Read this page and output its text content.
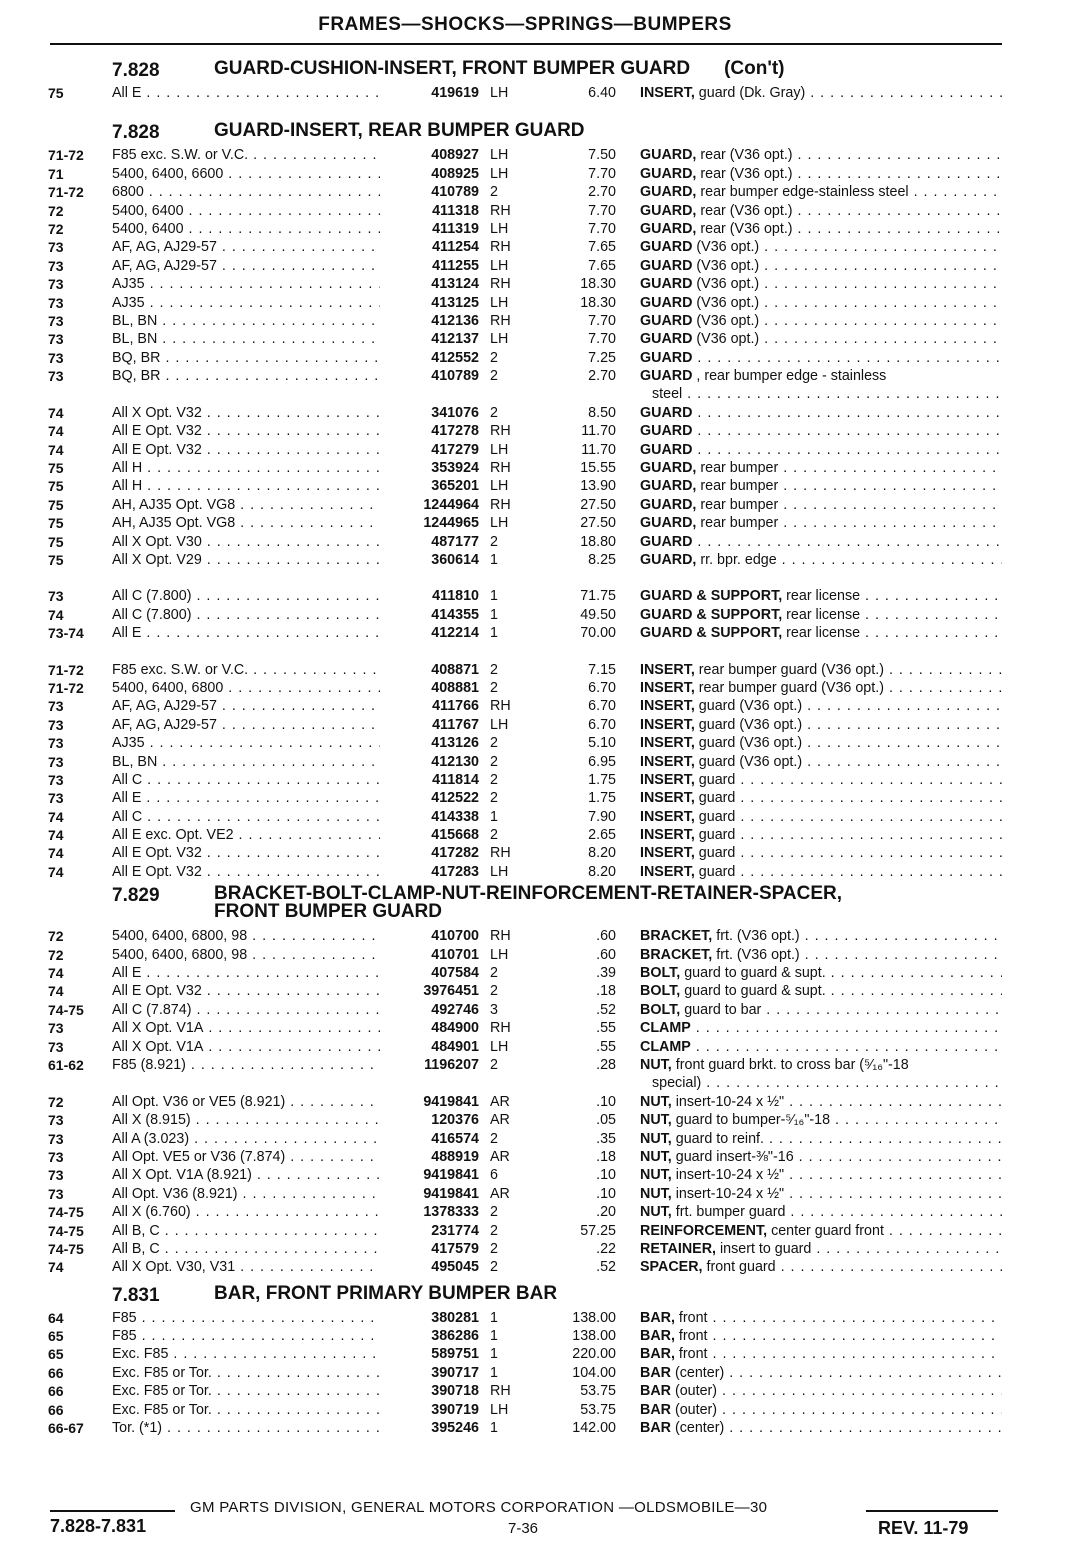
FRAMES—SHOCKS—SPRINGS—BUMPERS
7.828	GUARD-CUSHION-INSERT, FRONT BUMPER GUARD (Con't)
75	All E . . .	419619 LH	6.40 INSERT, guard (Dk. Gray) . . .
7.828	GUARD-INSERT, REAR BUMPER GUARD
71-72	F85 exc. S.W. or V.C. . . .	408927 LH	7.50 GUARD, rear (V36 opt.) . . .
71	5400, 6400, 6600 . . .	408925 LH	7.70 GUARD, rear (V36 opt.) . . .
71-72	6800 . . .	410789 2	2.70 GUARD, rear bumper edge-stainless steel . . .
72	5400, 6400 . . .	411318 RH	7.70 GUARD, rear (V36 opt.) . . .
72	5400, 6400 . . .	411319 LH	7.70 GUARD, rear (V36 opt.) . . .
73	AF, AG, AJ29-57 . . .	411254 RH	7.65 GUARD (V36 opt.) . . .
73	AF, AG, AJ29-57 . . .	411255 LH	7.65 GUARD (V36 opt.) . . .
73	AJ35 . . .	413124 RH	18.30 GUARD (V36 opt.) . . .
73	AJ35 . . .	413125 LH	18.30 GUARD (V36 opt.) . . .
73	BL, BN . . .	412136 RH	7.70 GUARD (V36 opt.) . . .
73	BL, BN . . .	412137 LH	7.70 GUARD (V36 opt.) . . .
73	BQ, BR . . .	412552 2	7.25 GUARD . . .
73	BQ, BR . . .	410789 2	2.70 GUARD , rear bumper edge - stainless
steel . . .
74	All X Opt. V32 . . .	341076 2	8.50 GUARD . . .
74	All E Opt. V32 . . .	417278 RH	11.70 GUARD . . .
74	All E Opt. V32 . . .	417279 LH	11.70 GUARD . . .
75	All H . . .	353924 RH	15.55 GUARD, rear bumper . . .
75	All H . . .	365201 LH	13.90 GUARD, rear bumper . . .
75	AH, AJ35 Opt. VG8 . . .	1244964 RH	27.50 GUARD, rear bumper . . .
75	AH, AJ35 Opt. VG8 . . .	1244965 LH	27.50 GUARD, rear bumper . . .
75	All X Opt. V30 . . .	487177 2	18.80 GUARD . . .
75	All X Opt. V29 . . .	360614 1	8.25 GUARD, rr. bpr. edge . . .
73	All C (7.800) . . .	411810 1	71.75 GUARD & SUPPORT, rear license . . .
74	All C (7.800) . . .	414355 1	49.50 GUARD & SUPPORT, rear license . . .
73-74	All E . . .	412214 1	70.00 GUARD & SUPPORT, rear license . . .
71-72	F85 exc. S.W. or V.C. . . .	408871 2	7.15 INSERT, rear bumper guard (V36 opt.) . . .
71-72	5400, 6400, 6800 . . .	408881 2	6.70 INSERT, rear bumper guard (V36 opt.) . . .
73	AF, AG, AJ29-57 . . .	411766 RH	6.70 INSERT, guard (V36 opt.) . . .
73	AF, AG, AJ29-57 . . .	411767 LH	6.70 INSERT, guard (V36 opt.) . . .
73	AJ35 . . .	413126 2	5.10 INSERT, guard (V36 opt.) . . .
73	BL, BN . . .	412130 2	6.95 INSERT, guard (V36 opt.) . . .
73	All C . . .	411814 2	1.75 INSERT, guard . . .
73	All E . . .	412522 2	1.75 INSERT, guard . . .
74	All C . . .	414338 1	7.90 INSERT, guard . . .
74	All E exc. Opt. VE2 . . .	415668 2	2.65 INSERT, guard . . .
74	All E Opt. V32 . . .	417282 RH	8.20 INSERT, guard . . .
74	All E Opt. V32 . . .	417283 LH	8.20 INSERT, guard . . .
7.829	BRACKET-BOLT-CLAMP-NUT-REINFORCEMENT-RETAINER-SPACER,
FRONT BUMPER GUARD
72	5400, 6400, 6800, 98 . . .	410700 RH	.60 BRACKET, frt. (V36 opt.) . . .
72	5400, 6400, 6800, 98 . . .	410701 LH	.60 BRACKET, frt. (V36 opt.) . . .
74	All E . . .	407584 2	.39 BOLT, guard to guard & supt. . . .
74	All E Opt. V32 . . .	3976451 2	.18 BOLT, guard to guard & supt. . . .
74-75	All C (7.874) . . .	492746 3	.52 BOLT, guard to bar . . .
73	All X Opt. V1A . . .	484900 RH	.55 CLAMP . . .
73	All X Opt. V1A . . .	484901 LH	.55 CLAMP . . .
61-62	F85 (8.921) . . .	1196207 2	.28 NUT, front guard brkt. to cross bar (⁵⁄₁₆"-18
special) . . .
72	All Opt. V36 or VE5 (8.921) . . .	9419841 AR	.10 NUT, insert-10-24 x ½" . . .
73	All X (8.915) . . .	120376 AR	.05 NUT, guard to bumper-⁵⁄₁₆"-18 . . .
73	All A (3.023) . . .	416574 2	.35 NUT, guard to reinf. . . .
73	All Opt. VE5 or V36 (7.874) . . .	488919 AR	.18 NUT, guard insert-⅜"-16 . . .
73	All X Opt. V1A (8.921) . . .	9419841 6	.10 NUT, insert-10-24 x ½" . . .
73	All Opt. V36 (8.921) . . .	9419841 AR	.10 NUT, insert-10-24 x ½" . . .
74-75	All X (6.760) . . .	1378333 2	.20 NUT, frt. bumper guard . . .
74-75	All B, C . . .	231774 2	57.25 REINFORCEMENT, center guard front . . .
74-75	All B, C . . .	417579 2	.22 RETAINER, insert to guard . . .
74	All X Opt. V30, V31 . . .	495045 2	.52 SPACER, front guard . . .
7.831	BAR, FRONT PRIMARY BUMPER BAR
64	F85 . . .	380281 1	138.00 BAR, front . . .
65	F85 . . .	386286 1	138.00 BAR, front . . .
65	Exc. F85 . . .	589751 1	220.00 BAR, front . . .
66	Exc. F85 or Tor. . . .	390717 1	104.00 BAR (center) . . .
66	Exc. F85 or Tor. . . .	390718 RH	53.75 BAR (outer) . . .
66	Exc. F85 or Tor. . . .	390719 LH	53.75 BAR (outer) . . .
66-67	Tor. (*1) . . .	395246 1	142.00 BAR (center) . . .
GM PARTS DIVISION, GENERAL MOTORS CORPORATION —OLDSMOBILE—30
7.828-7.831	7-36	REV. 11-79
